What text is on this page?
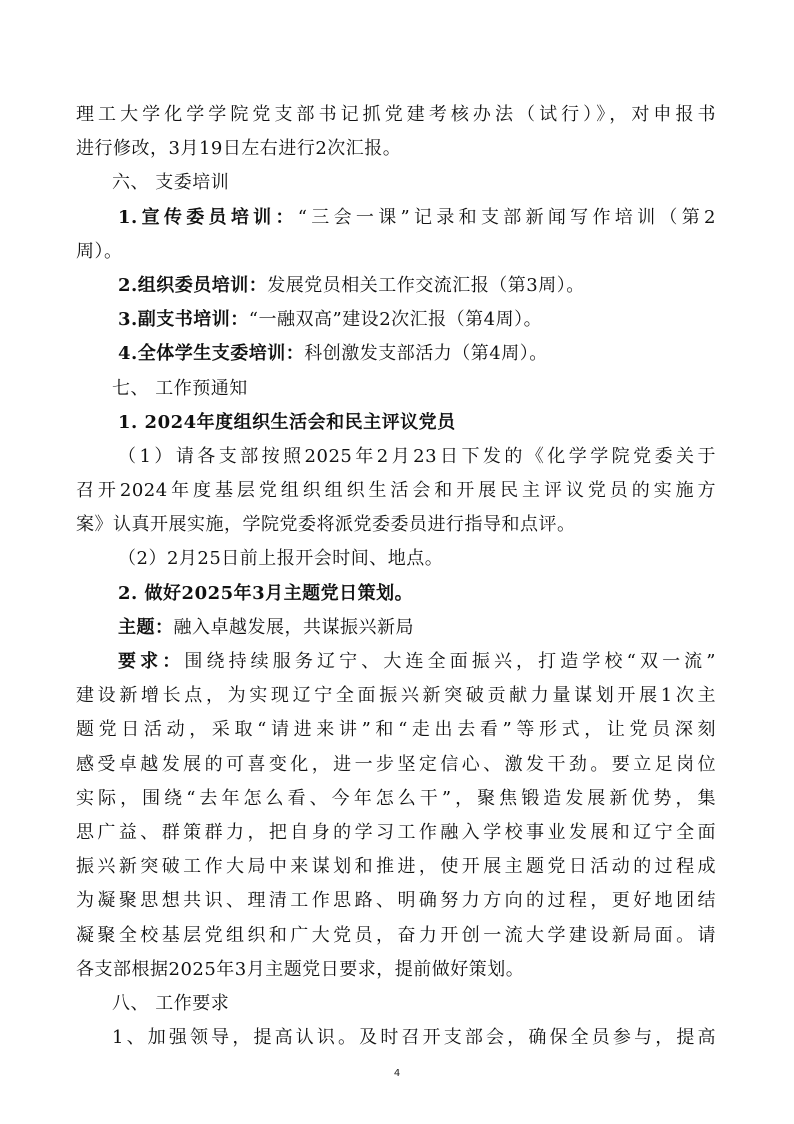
理工大学化学学院党支部书记抓党建考核办法（试行）》，对申报书
进行修改，3月19日左右进行2次汇报。
六、 支委培训
1.宣传委员培训：“三会一课”记录和支部新闻写作培训（第2
周）。
2.组织委员培训：发展党员相关工作交流汇报（第3周）。
3.副支书培训：“一融双高”建设2次汇报（第4周）。
4.全体学生支委培训：科创激发支部活力（第4周）。
七、 工作预通知
1. 2024年度组织生活会和民主评议党员
（1）请各支部按照2025年2月23日下发的《化学学院党委关于
召开2024年度基层党组织组织生活会和开展民主评议党员的实施方
案》认真开展实施，学院党委将派党委委员进行指导和点评。
（2）2月25日前上报开会时间、地点。
2. 做好2025年3月主题党日策划。
主题：融入卓越发展，共谋振兴新局
要求：围绕持续服务辽宁、大连全面振兴，打造学校“双一流”
建设新增长点，为实现辽宁全面振兴新突破贡献力量谋划开展1次主
题党日活动，采取“请进来讲”和“走出去看”等形式，让党员深刻
感受卓越发展的可喜变化，进一步坚定信心、激发干劲。要立足岗位
实际，围绕“去年怎么看、今年怎么干”，聚焦锻造发展新优势，集
思广益、群策群力，把自身的学习工作融入学校事业发展和辽宁全面
振兴新突破工作大局中来谋划和推进，使开展主题党日活动的过程成
为凝聚思想共识、理清工作思路、明确努力方向的过程，更好地团结
凝聚全校基层党组织和广大党员，奋力开创一流大学建设新局面。请
各支部根据2025年3月主题党日要求，提前做好策划。
八、 工作要求
1、加强领导，提高认识。及时召开支部会，确保全员参与，提高
4
